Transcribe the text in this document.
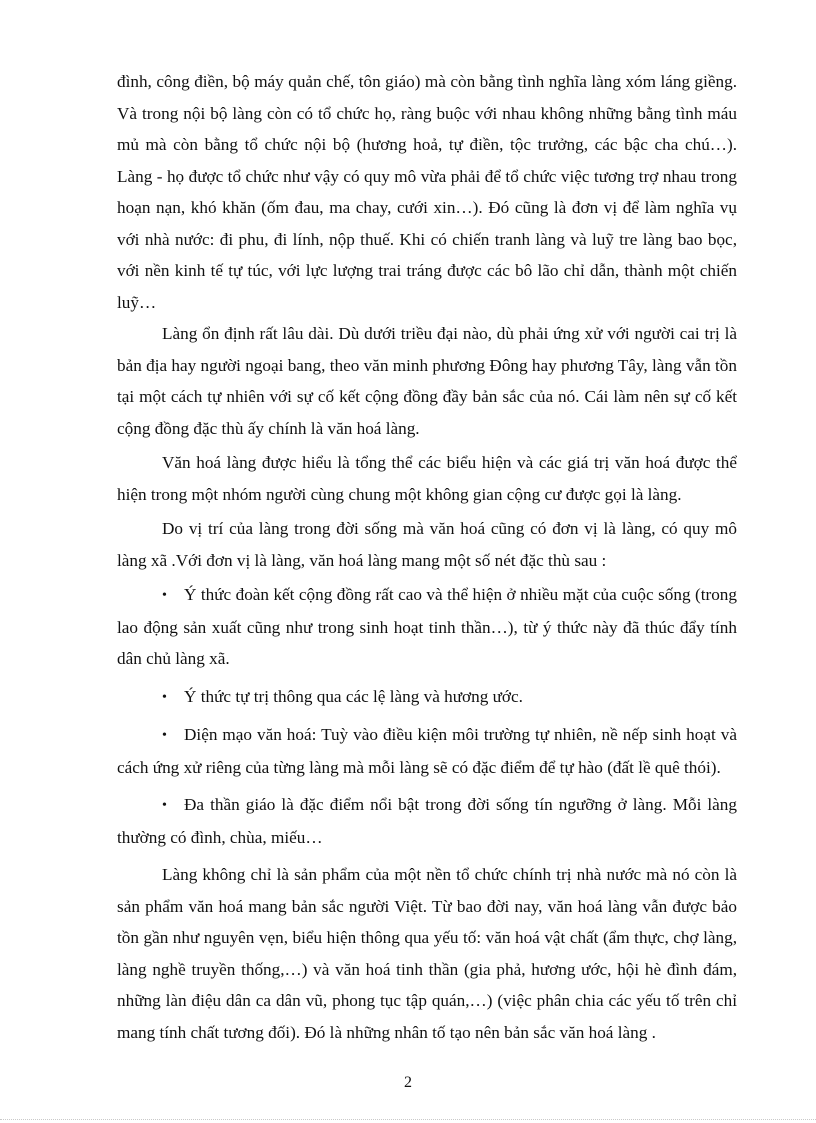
đình, công điền, bộ máy quản chế, tôn giáo) mà còn bằng tình nghĩa làng xóm láng giềng. Và trong nội bộ làng còn có tổ chức họ, ràng buộc với nhau không những bằng tình máu mủ mà còn bằng tổ chức nội bộ (hương hoả, tự điền, tộc trưởng, các bậc cha chú…). Làng - họ được tổ chức như vậy có quy mô vừa phải để tổ chức việc tương trợ nhau trong hoạn nạn, khó khăn (ốm đau, ma chay, cưới xin…). Đó cũng là đơn vị để làm nghĩa vụ với nhà nước: đi phu, đi lính, nộp thuế. Khi có chiến tranh làng và luỹ tre làng bao bọc, với nền kinh tế tự túc, với lực lượng trai tráng được các bô lão chỉ dẫn, thành một chiến luỹ…

Làng ổn định rất lâu dài. Dù dưới triều đại nào, dù phải ứng xử với người cai trị là bản địa hay người ngoại bang, theo văn minh phương Đông hay phương Tây, làng vẫn tồn tại một cách tự nhiên với sự cố kết cộng đồng đầy bản sắc của nó. Cái làm nên sự cố kết cộng đồng đặc thù ấy chính là văn hoá làng.

Văn hoá làng được hiểu là tổng thể các biểu hiện và các giá trị văn hoá được thể hiện trong một nhóm người cùng chung một không gian cộng cư được gọi là làng.

Do vị trí của làng trong đời sống mà văn hoá cũng có đơn vị là làng, có quy mô làng xã .Với đơn vị là làng, văn hoá làng mang một số nét đặc thù sau :

• Ý thức đoàn kết cộng đồng rất cao và thể hiện ở nhiều mặt của cuộc sống (trong lao động sản xuất cũng như trong sinh hoạt tinh thần…), từ ý thức này đã thúc đẩy tính dân chủ làng xã.
• Ý thức tự trị thông qua các lệ làng và hương ước.
• Diện mạo văn hoá: Tuỳ vào điều kiện môi trường tự nhiên, nề nếp sinh hoạt và cách ứng xử riêng của từng làng mà mỗi làng sẽ có đặc điểm để tự hào (đất lề quê thói).
• Đa thần giáo là đặc điểm nổi bật trong đời sống tín ngưỡng ở làng. Mỗi làng thường có đình, chùa, miếu…

Làng không chỉ là sản phẩm của một nền tổ chức chính trị nhà nước mà nó còn là sản phẩm văn hoá mang bản sắc người Việt. Từ bao đời nay, văn hoá làng vẫn được bảo tồn gần như nguyên vẹn, biểu hiện thông qua yếu tố: văn hoá vật chất (ẩm thực, chợ làng, làng nghề truyền thống,…) và văn hoá tinh thần (gia phả, hương ước, hội hè đình đám, những làn điệu dân ca dân vũ, phong tục tập quán,…) (việc phân chia các yếu tố trên chỉ mang tính chất tương đối). Đó là những nhân tố tạo nên bản sắc văn hoá làng .

2
